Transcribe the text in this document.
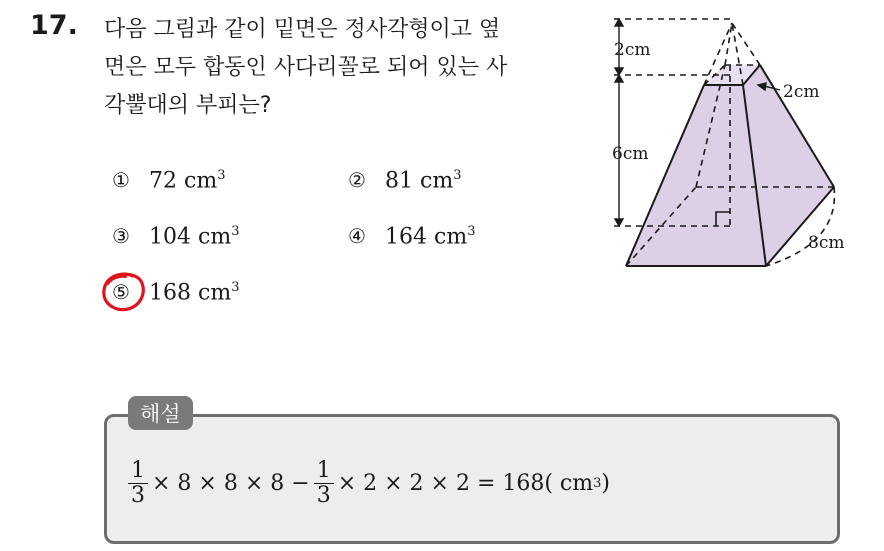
17. 다음 그림과 같이 밑면은 정사각형이고 옆
면은 모두 합동인 사다리꼴로 되어 있는 사
각뿔대의 부피는?
① 72 $cm^3$	② 81 $cm^3$
③ 104 $cm^3$	④ 164 $cm^3$
⑤ 168 $cm^3$
2cm
2cm
6cm
8cm
해설
$\frac{1}{3} \times 8 \times 8 \times 8 - \frac{1}{3} \times 2 \times 2 \times 2 = 168$( cm 3 )
